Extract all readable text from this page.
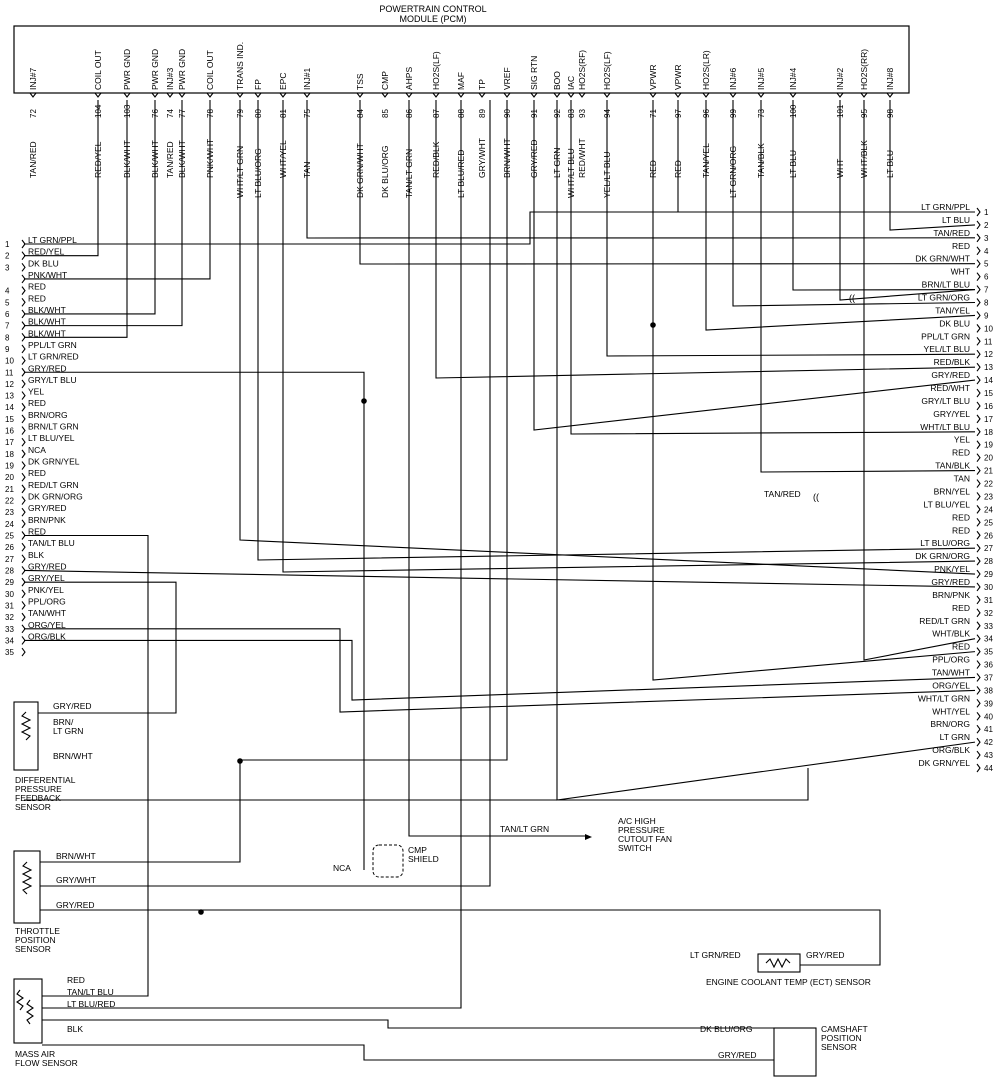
POWERTRAIN CONTROL
MODULE (PCM)
INJ#7
72
TAN/RED
COIL OUT
104
RED/YEL
PWR GND
103
BLK/WHT
PWR GND
76
BLK/WHT
INJ#3
74
TAN/RED
PWR GND
77
BLK/WHT
COIL OUT
78
PNK/WHT
TRANS IND.
79
WHT/LT GRN
FP
80
LT BLU/ORG
EPC
81
WHT/YEL
INJ#1
75
TAN
TSS
84
DK GRN/WHT
CMP
85
DK BLU/ORG
AHPS
86
TAN/LT GRN
HO2S(LF)
87
RED/BLK
MAF
88
LT BLU/RED
TP
89
GRY/WHT
VREF
90
BRN/WHT
SIG RTN
91
GRY/RED
BOO
92
LT GRN
IAC
83
WHT/LT BLU
HO2S(RF)
93
RED/WHT
HO2S(LF)
94
YEL/LT BLU
VPWR
71
RED
VPWR
97
RED
HO2S(LR)
96
TAN/YEL
INJ#6
99
LT GRN/ORG
INJ#5
73
TAN/BLK
INJ#4
100
LT BLU
INJ#2
101
WHT
HO2S(RR)
95
WHT/BLK
INJ#8
98
LT BLU
1 LT GRN/PPL
2 RED/YEL
3 DK BLU
PNK/WHT
4 RED
5 RED
6 BLK/WHT
7 BLK/WHT
8 BLK/WHT
9 PPL/LT GRN
10 LT GRN/RED
11 GRY/RED
12 GRY/LT BLU
13 YEL
14 RED
15 BRN/ORG
16 BRN/LT GRN
17 LT BLU/YEL
18 NCA
19 DK GRN/YEL
20 RED
21 RED/LT GRN
22 DK GRN/ORG
23 GRY/RED
24 BRN/PNK
25 RED
26 TAN/LT BLU
27 BLK
28 GRY/RED
29 GRY/YEL
30 PNK/YEL
31 PPL/ORG
32 TAN/WHT
33 ORG/YEL
34 ORG/BLK
35
1
LT GRN/PPL
2
LT BLU
3
TAN/RED
4
RED
5
DK GRN/WHT
6
WHT
7
BRN/LT BLU
8
LT GRN/ORG
9
TAN/YEL
10
DK BLU
11
PPL/LT GRN
12
YEL/LT BLU
13
RED/BLK
14
GRY/RED
15
RED/WHT
16
GRY/LT BLU
17
GRY/YEL
18
WHT/LT BLU
19
YEL
20
RED
21
TAN/BLK
22
TAN
23
BRN/YEL
24
LT BLU/YEL
25
RED
26
RED
27
LT BLU/ORG
28
DK GRN/ORG
29
PNK/YEL
30
GRY/RED
31
BRN/PNK
32
RED
33
RED/LT GRN
34
WHT/BLK
35
RED
36
PPL/ORG
37
TAN/WHT
38
ORG/YEL
39
WHT/LT GRN
40
WHT/YEL
41
BRN/ORG
42
LT GRN
43
ORG/BLK
44
DK GRN/YEL
TAN/RED ((
((
CMP
SHIELD
NCA
TAN/LT GRN
A/C HIGH
PRESSURE
CUTOUT FAN
SWITCH
GRY/RED
BRN/
LT GRN
BRN/WHT
DIFFERENTIAL
PRESSURE
FEEDBACK
SENSOR
BRN/WHT
GRY/WHT
GRY/RED
THROTTLE
POSITION
SENSOR
RED
TAN/LT BLU
LT BLU/RED
BLK
MASS AIR
FLOW SENSOR
LT GRN/RED	GRY/RED
ENGINE COOLANT TEMP (ECT) SENSOR
DK BLU/ORG
GRY/RED
CAMSHAFT
POSITION
SENSOR
